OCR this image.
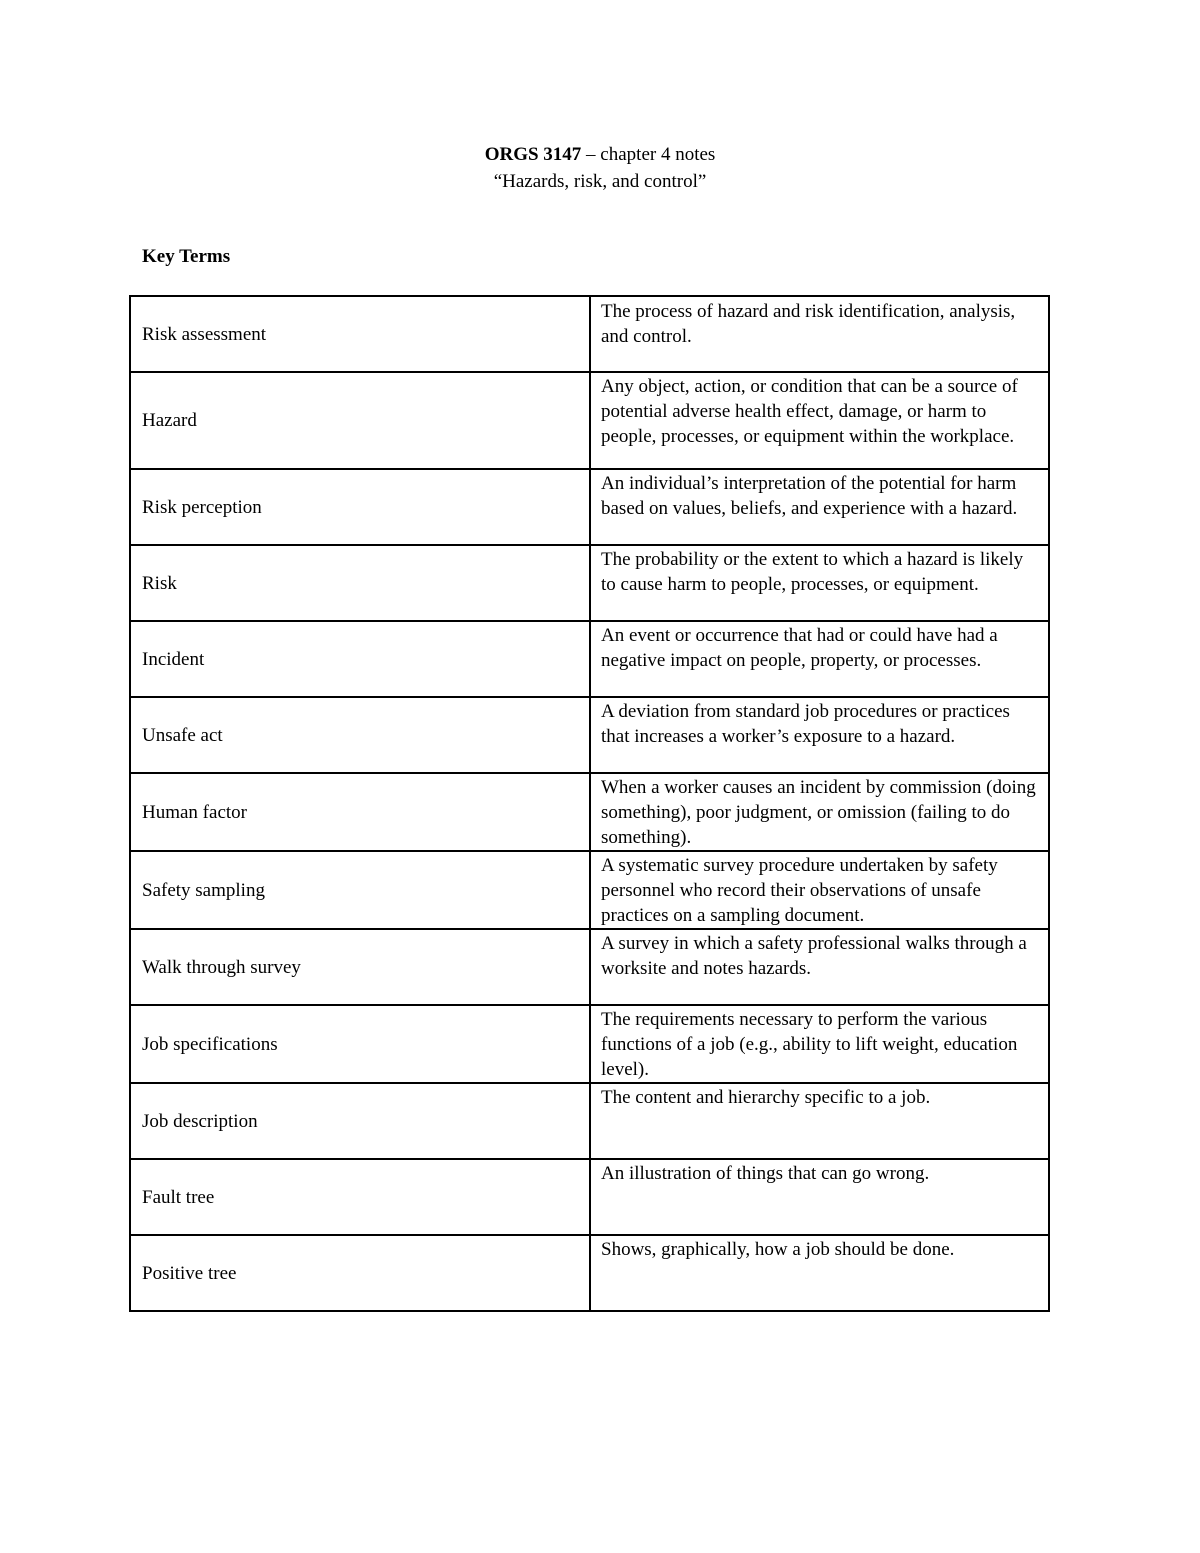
ORGS 3147 – chapter 4 notes
“Hazards, risk, and control”
Key Terms
Risk assessment	The process of hazard and risk identification, analysis, and control.
Hazard	Any object, action, or condition that can be a source of potential adverse health effect, damage, or harm to people, processes, or equipment within the workplace.
Risk perception	An individual’s interpretation of the potential for harm based on values, beliefs, and experience with a hazard.
Risk	The probability or the extent to which a hazard is likely to cause harm to people, processes, or equipment.
Incident	An event or occurrence that had or could have had a negative impact on people, property, or processes.
Unsafe act	A deviation from standard job procedures or practices that increases a worker’s exposure to a hazard.
Human factor	When a worker causes an incident by commission (doing something), poor judgment, or omission (failing to do something).
Safety sampling	A systematic survey procedure undertaken by safety personnel who record their observations of unsafe practices on a sampling document.
Walk through survey	A survey in which a safety professional walks through a worksite and notes hazards.
Job specifications	The requirements necessary to perform the various functions of a job (e.g., ability to lift weight, education level).
Job description	The content and hierarchy specific to a job.
Fault tree	An illustration of things that can go wrong.
Positive tree	Shows, graphically, how a job should be done.
